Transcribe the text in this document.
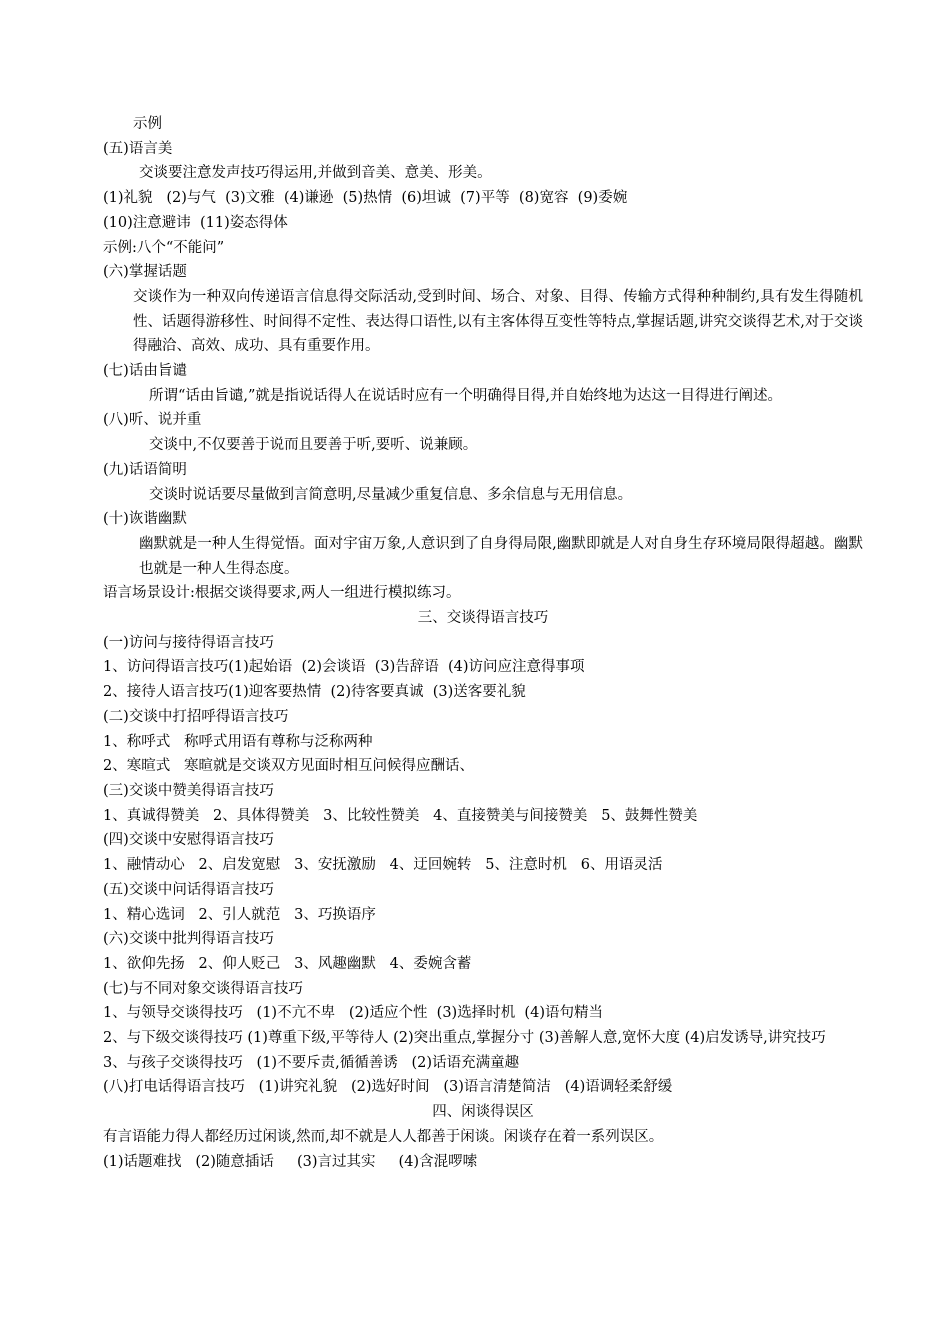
示例
(五)语言美
交谈要注意发声技巧得运用,并做到音美、意美、形美。
(1)礼貌   (2)与气  (3)文雅  (4)谦逊  (5)热情  (6)坦诚  (7)平等  (8)宽容  (9)委婉
(10)注意避讳  (11)姿态得体
示例:八个“不能问”
(六)掌握话题
交谈作为一种双向传递语言信息得交际活动,受到时间、场合、对象、目得、传输方式得种种制约,具有发生得随机性、话题得游移性、时间得不定性、表达得口语性,以有主客体得互变性等特点,掌握话题,讲究交谈得艺术,对于交谈得融洽、高效、成功、具有重要作用。
(七)话由旨谴
所谓“话由旨谴,”就是指说话得人在说话时应有一个明确得目得,并自始终地为达这一目得进行阐述。
(八)听、说并重
交谈中,不仅要善于说而且要善于听,要听、说兼顾。
(九)话语简明
交谈时说话要尽量做到言简意明,尽量减少重复信息、多余信息与无用信息。
(十)诙谐幽默
幽默就是一种人生得觉悟。面对宇宙万象,人意识到了自身得局限,幽默即就是人对自身生存环境局限得超越。幽默也就是一种人生得态度。
语言场景设计:根据交谈得要求,两人一组进行模拟练习。
三、交谈得语言技巧
(一)访问与接待得语言技巧
1、访问得语言技巧(1)起始语  (2)会谈语  (3)告辞语  (4)访问应注意得事项
2、接待人语言技巧(1)迎客要热情  (2)待客要真诚  (3)送客要礼貌
(二)交谈中打招呼得语言技巧
1、称呼式   称呼式用语有尊称与泛称两种
2、寒暄式   寒暄就是交谈双方见面时相互问候得应酬话、
(三)交谈中赞美得语言技巧
1、真诚得赞美   2、具体得赞美   3、比较性赞美   4、直接赞美与间接赞美   5、鼓舞性赞美
(四)交谈中安慰得语言技巧
1、融情动心   2、启发宽慰   3、安抚激励   4、迂回婉转   5、注意时机   6、用语灵活
(五)交谈中问话得语言技巧
1、精心选词   2、引人就范   3、巧换语序
(六)交谈中批判得语言技巧
1、欲仰先扬   2、仰人贬己   3、风趣幽默   4、委婉含蓄
(七)与不同对象交谈得语言技巧
1、与领导交谈得技巧   (1)不亢不卑   (2)适应个性  (3)选择时机  (4)语句精当
2、与下级交谈得技巧 (1)尊重下级,平等待人 (2)突出重点,掌握分寸 (3)善解人意,宽怀大度 (4)启发诱导,讲究技巧
3、与孩子交谈得技巧   (1)不要斥责,循循善诱   (2)话语充满童趣
(八)打电话得语言技巧   (1)讲究礼貌   (2)选好时间   (3)语言清楚简洁   (4)语调轻柔舒缓
四、闲谈得误区
有言语能力得人都经历过闲谈,然而,却不就是人人都善于闲谈。闲谈存在着一系列误区。
(1)话题难找   (2)随意插话     (3)言过其实     (4)含混啰嗦
